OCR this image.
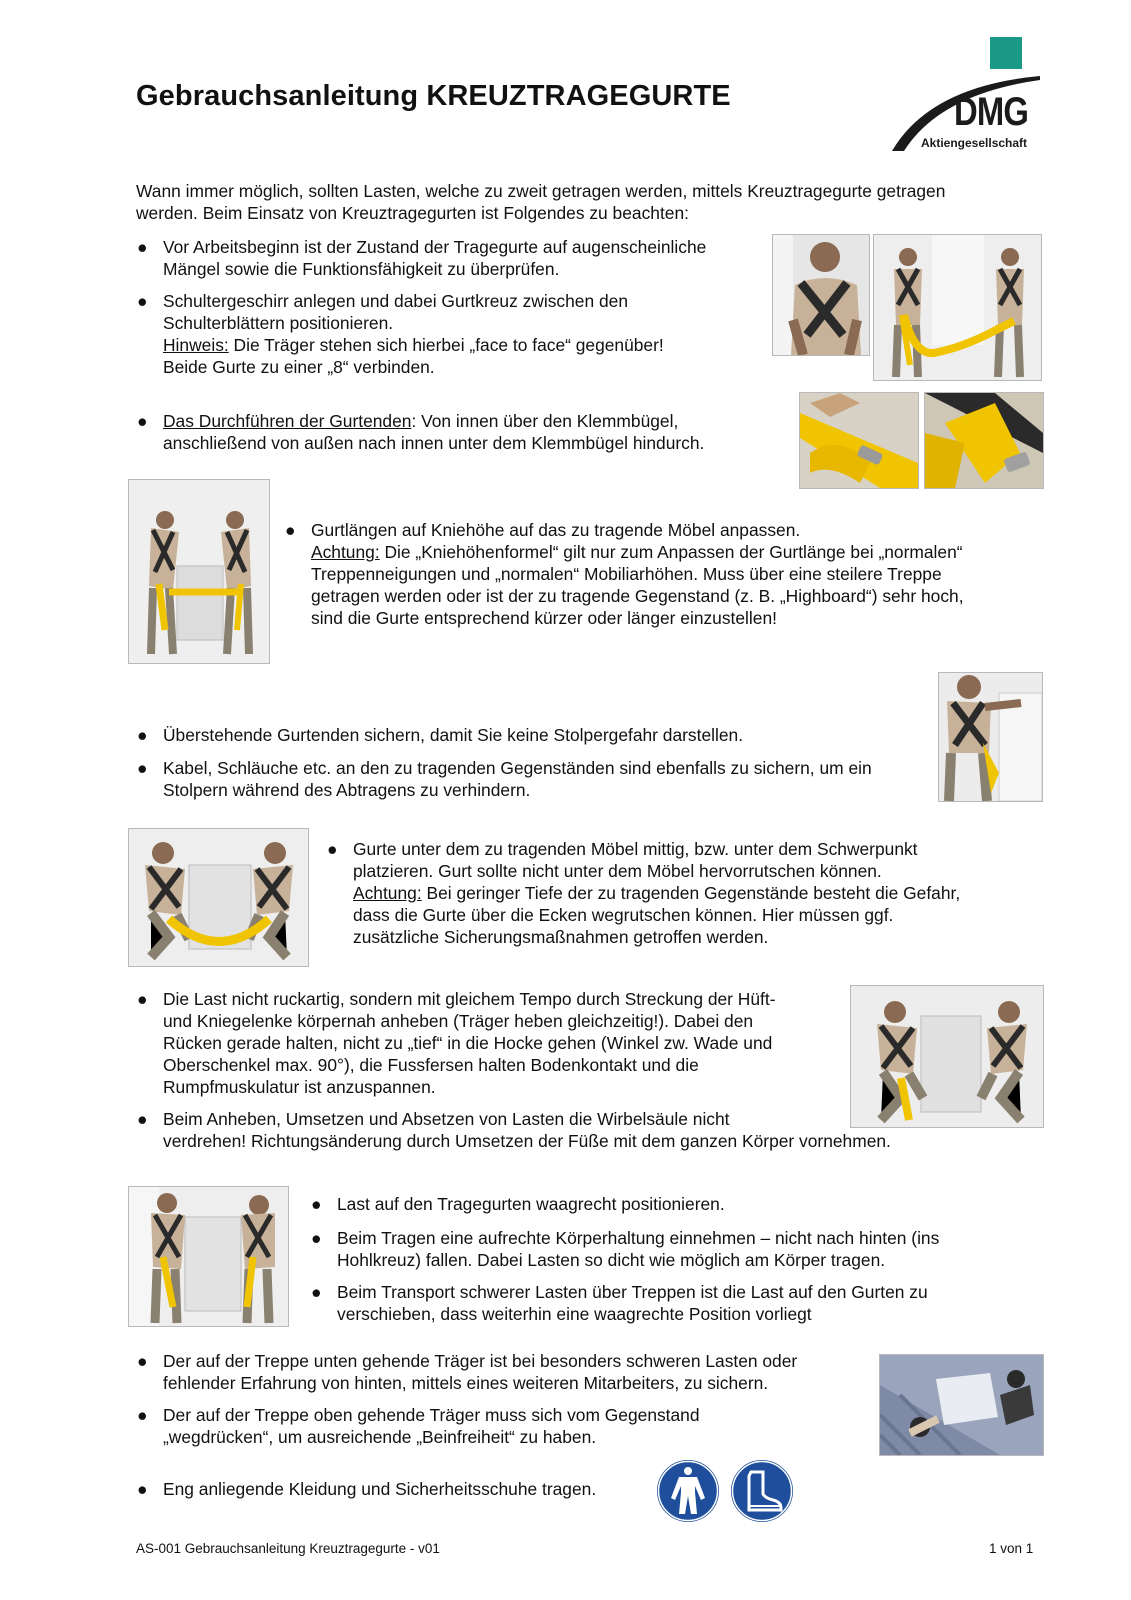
Gebrauchsanleitung KREUZTRAGEGURTE	DMG
Aktiengesellschaft
Wann immer möglich, sollten Lasten, welche zu zweit getragen werden, mittels Kreuztragegurte getragen
werden. Beim Einsatz von Kreuztragegurten ist Folgendes zu beachten:
● Vor Arbeitsbeginn ist der Zustand der Tragegurte auf augenscheinliche
Mängel sowie die Funktionsfähigkeit zu überprüfen.
● Schultergeschirr anlegen und dabei Gurtkreuz zwischen den
Schulterblättern positionieren.
Hinweis: Die Träger stehen sich hierbei „face to face“ gegenüber!
Beide Gurte zu einer „8“ verbinden.
● Das Durchführen der Gurtenden: Von innen über den Klemmbügel,
anschließend von außen nach innen unter dem Klemmbügel hindurch.
● Gurtlängen auf Kniehöhe auf das zu tragende Möbel anpassen.
Achtung: Die „Kniehöhenformel“ gilt nur zum Anpassen der Gurtlänge bei „normalen“
Treppenneigungen und „normalen“ Mobiliarhöhen. Muss über eine steilere Treppe
getragen werden oder ist der zu tragende Gegenstand (z. B. „Highboard“) sehr hoch,
sind die Gurte entsprechend kürzer oder länger einzustellen!
● Überstehende Gurtenden sichern, damit Sie keine Stolpergefahr darstellen.
● Kabel, Schläuche etc. an den zu tragenden Gegenständen sind ebenfalls zu sichern, um ein
Stolpern während des Abtragens zu verhindern.
● Gurte unter dem zu tragenden Möbel mittig, bzw. unter dem Schwerpunkt
platzieren. Gurt sollte nicht unter dem Möbel hervorrutschen können.
Achtung: Bei geringer Tiefe der zu tragenden Gegenstände besteht die Gefahr,
dass die Gurte über die Ecken wegrutschen können. Hier müssen ggf.
zusätzliche Sicherungsmaßnahmen getroffen werden.
● Die Last nicht ruckartig, sondern mit gleichem Tempo durch Streckung der Hüft-
und Kniegelenke körpernah anheben (Träger heben gleichzeitig!). Dabei den
Rücken gerade halten, nicht zu „tief“ in die Hocke gehen (Winkel zw. Wade und
Oberschenkel max. 90°), die Fussfersen halten Bodenkontakt und die
Rumpfmuskulatur ist anzuspannen.
● Beim Anheben, Umsetzen und Absetzen von Lasten die Wirbelsäule nicht
verdrehen! Richtungsänderung durch Umsetzen der Füße mit dem ganzen Körper vornehmen.
● Last auf den Tragegurten waagrecht positionieren.
● Beim Tragen eine aufrechte Körperhaltung einnehmen – nicht nach hinten (ins
Hohlkreuz) fallen. Dabei Lasten so dicht wie möglich am Körper tragen.
● Beim Transport schwerer Lasten über Treppen ist die Last auf den Gurten zu
verschieben, dass weiterhin eine waagrechte Position vorliegt
● Der auf der Treppe unten gehende Träger ist bei besonders schweren Lasten oder
fehlender Erfahrung von hinten, mittels eines weiteren Mitarbeiters, zu sichern.
● Der auf der Treppe oben gehende Träger muss sich vom Gegenstand
„wegdrücken“, um ausreichende „Beinfreiheit“ zu haben.
● Eng anliegende Kleidung und Sicherheitsschuhe tragen.
AS-001 Gebrauchsanleitung Kreuztragegurte - v01	1 von 1
